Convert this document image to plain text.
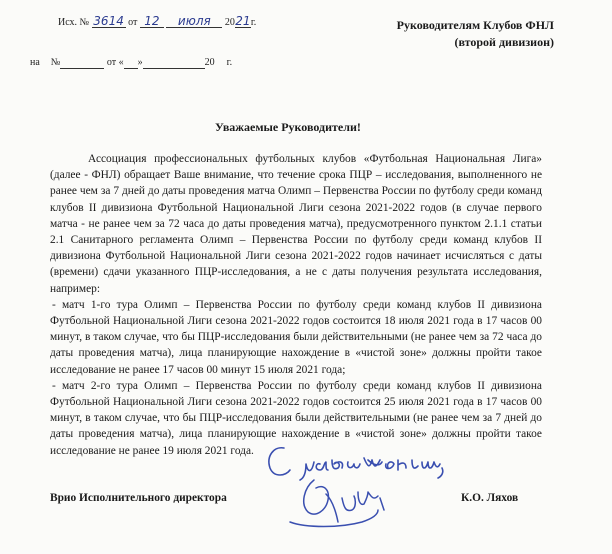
Исх. № 3614 от 12 июля 2021г.
на №	от « »	20 г.
Руководителям Клубов ФНЛ
(второй дивизион)
Уважаемые Руководители!

Ассоциация профессиональных футбольных клубов «Футбольная Национальная Лига» (далее - ФНЛ) обращает Ваше внимание, что течение срока ПЦР – исследования, выполненного не ранее чем за 7 дней до даты проведения матча Олимп – Первенства России по футболу среди команд клубов II дивизиона Футбольной Национальной Лиги сезона 2021-2022 годов (в случае первого матча - не ранее чем за 72 часа до даты проведения матча), предусмотренного пунктом 2.1.1 статьи 2.1 Санитарного регламента Олимп – Первенства России по футболу среди команд клубов II дивизиона Футбольной Национальной Лиги сезона 2021-2022 годов начинает исчисляться с даты (времени) сдачи указанного ПЦР-исследования, а не с даты получения результата исследования, например:

- матч 1-го тура Олимп – Первенства России по футболу среди команд клубов II дивизиона Футбольной Национальной Лиги сезона 2021-2022 годов состоится 18 июля 2021 года в 17 часов 00 минут, в таком случае, что бы ПЦР-исследования были действительными (не ранее чем за 72 часа до даты проведения матча), лица планирующие нахождение в «чистой зоне» должны пройти такое исследование не ранее 17 часов 00 минут 15 июля 2021 года;

- матч 2-го тура Олимп – Первенства России по футболу среди команд клубов II дивизиона Футбольной Национальной Лиги сезона 2021-2022 годов состоится 25 июля 2021 года в 17 часов 00 минут, в таком случае, что бы ПЦР-исследования были действительными (не ранее чем за 7 дней до даты проведения матча), лица планирующие нахождение в «чистой зоне» должны пройти такое исследование не ранее 19 июля 2021 года.

Врио Исполнительного директора	К.О. Ляхов
